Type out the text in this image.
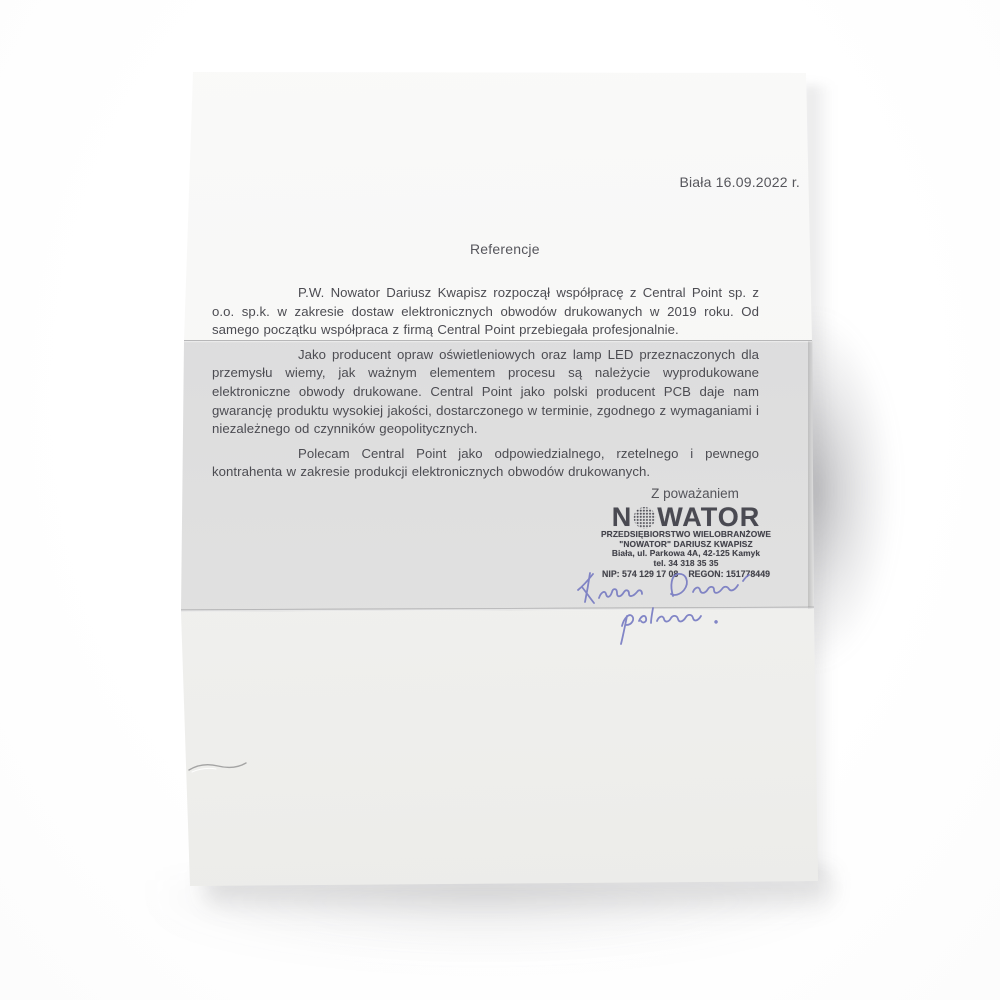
Biała 16.09.2022 r.
Referencje

P.W. Nowator Dariusz Kwapisz rozpoczął współpracę z Central Point sp. z o.o. sp.k. w zakresie dostaw elektronicznych obwodów drukowanych w 2019 roku. Od samego początku współpraca z firmą Central Point przebiegała profesjonalnie.

Jako producent opraw oświetleniowych oraz lamp LED przeznaczonych dla przemysłu wiemy, jak ważnym elementem procesu są należycie wyprodukowane elektroniczne obwody drukowane. Central Point jako polski producent PCB daje nam gwarancję produktu wysokiej jakości, dostarczonego w terminie, zgodnego z wymaganiami i niezależnego od czynników geopolitycznych.

Polecam Central Point jako odpowiedzialnego, rzetelnego i pewnego kontrahenta w zakresie produkcji elektronicznych obwodów drukowanych.

Z poważaniem
N WATOR
PRZEDSIĘBIORSTWO WIELOBRANŻOWE
"NOWATOR" DARIUSZ KWAPISZ
Biała, ul. Parkowa 4A, 42-125 Kamyk
tel. 34 318 35 35
NIP: 574 129 17 08 REGON: 151778449
